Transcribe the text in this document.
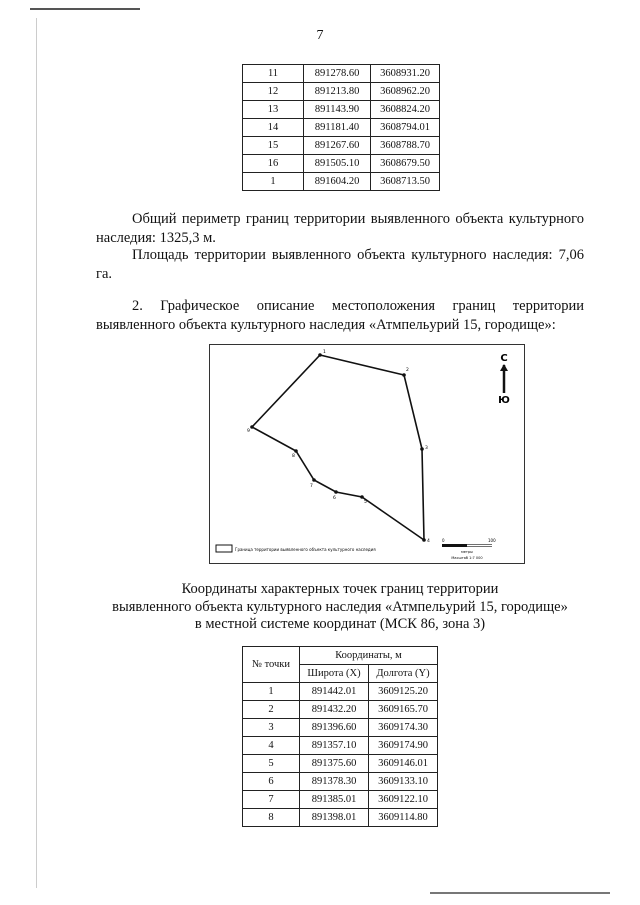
7
11	891278.60	3608931.20
12	891213.80	3608962.20
13	891143.90	3608824.20
14	891181.40	3608794.01
15	891267.60	3608788.70
16	891505.10	3608679.50
1	891604.20	3608713.50
Общий периметр границ территории выявленного объекта культурного наследия: 1325,3 м.
Площадь территории выявленного объекта культурного наследия: 7,06 га.
2. Графическое описание местоположения границ территории выявленного объекта культурного наследия «Атмпельурий 15, городище»:
1
2
3
4
5
6
7
8
9
С
Ю
Граница территории выявленного объекта культурного наследия
0	100
метры
Масштаб 1:7 000
Координаты характерных точек границ территории
выявленного объекта культурного наследия «Атмпельурий 15, городище»
в местной системе координат (МСК 86, зона 3)
№ точки	Координаты, м	
	Широта (X)	Долгота (Y)
1	891442.01	3609125.20
2	891432.20	3609165.70
3	891396.60	3609174.30
4	891357.10	3609174.90
5	891375.60	3609146.01
6	891378.30	3609133.10
7	891385.01	3609122.10
8	891398.01	3609114.80
